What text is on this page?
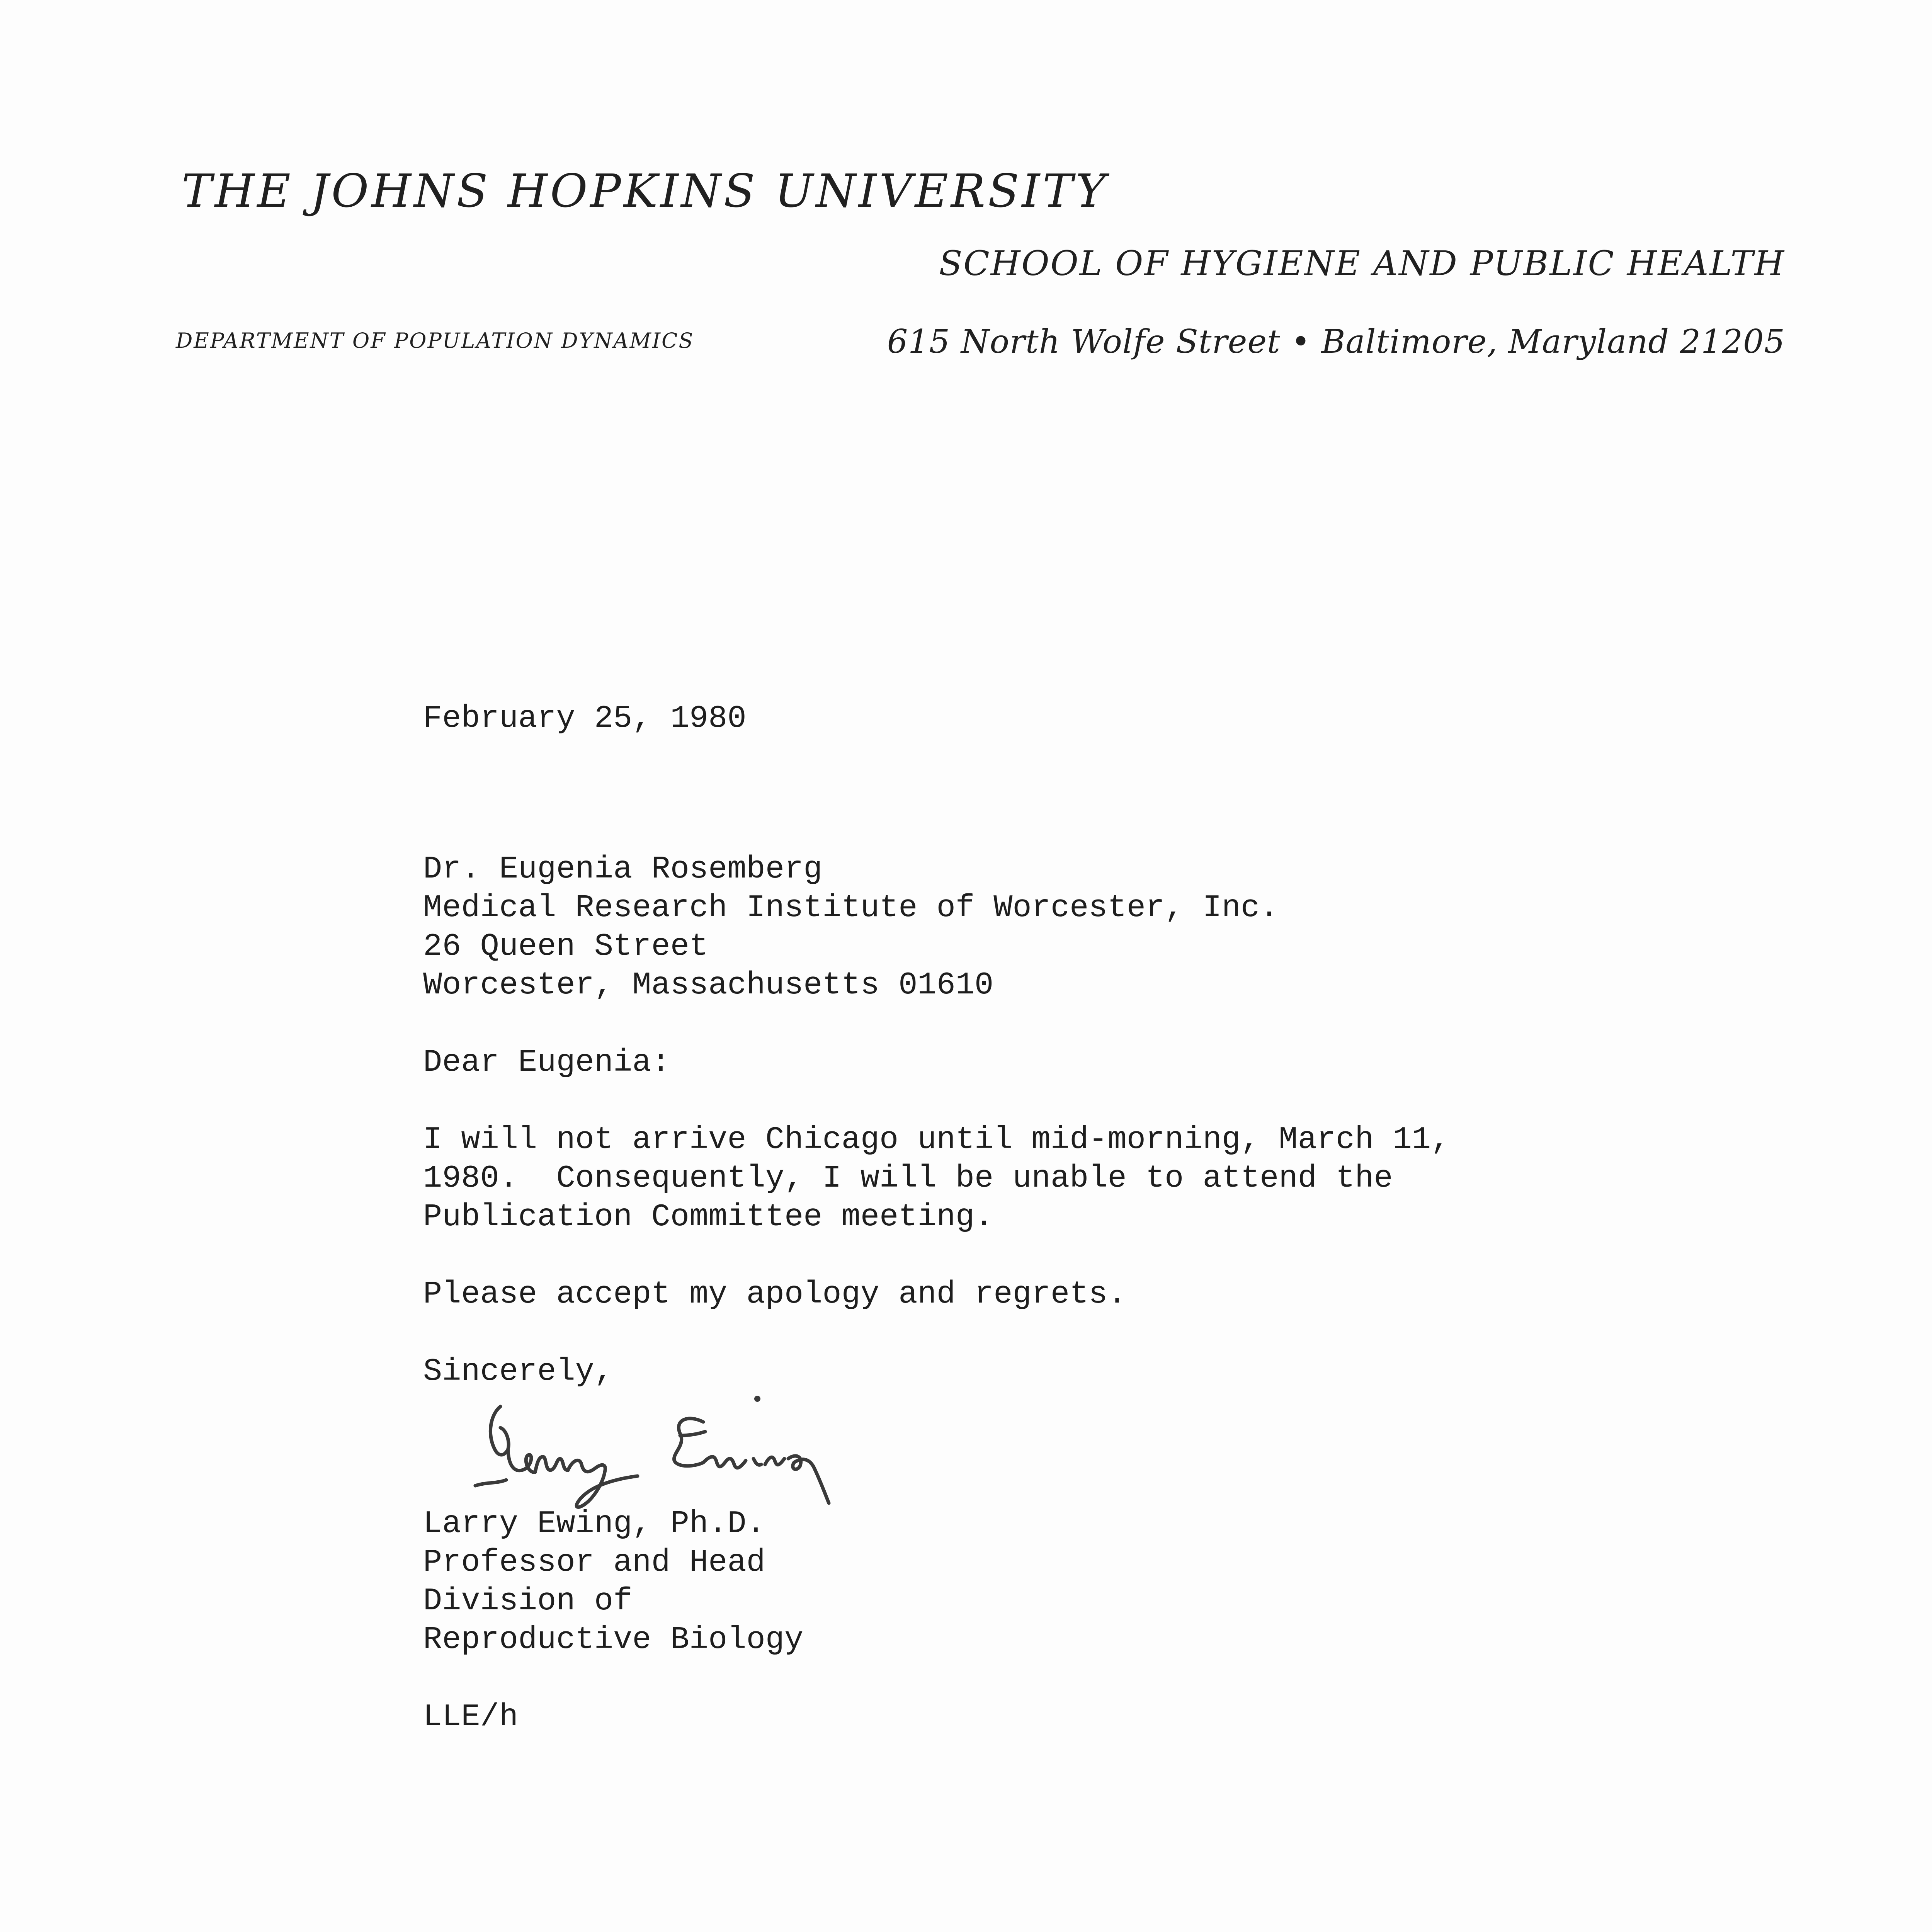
THE JOHNS HOPKINS UNIVERSITY
SCHOOL OF HYGIENE AND PUBLIC HEALTH
DEPARTMENT OF POPULATION DYNAMICS	615 North Wolfe Street • Baltimore, Maryland 21205
February 25, 1980
Dr. Eugenia Rosemberg
Medical Research Institute of Worcester, Inc.
26 Queen Street
Worcester, Massachusetts 01610
Dear Eugenia:
I will not arrive Chicago until mid-morning, March 11,
1980.  Consequently, I will be unable to attend the
Publication Committee meeting.
Please accept my apology and regrets.
Sincerely,
Larry Ewing, Ph.D.
Professor and Head
Division of
Reproductive Biology
LLE/h
